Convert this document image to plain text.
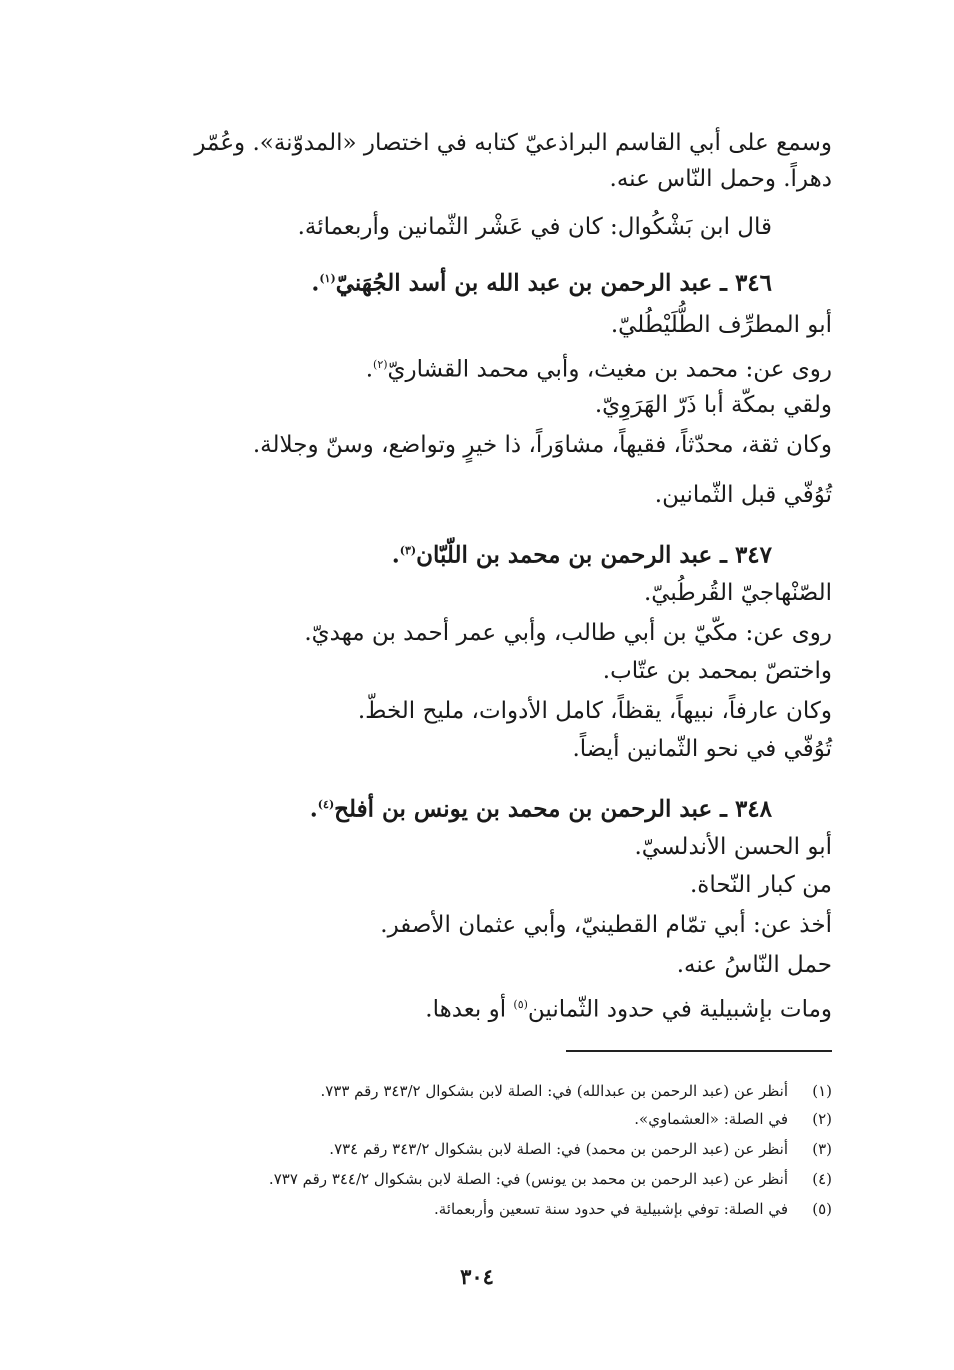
وسمع على أبي القاسم البراذعيّ كتابه في اختصار «المدوّنة». وعُمّر
دهراً. وحمل النّاس عنه.
قال ابن بَشْكُوال: كان في عَشْر الثّمانين وأربعمائة.
٣٤٦ ـ عبد الرحمن بن عبد الله بن أسد الجُهَنيّ$^{(١)}$.
أبو المطرِّف الطُّلَيْطُليّ.
روى عن: محمد بن مغيث، وأبي محمد القشاريّ$^{(٢)}$.
ولقي بمكّة أبا ذَرّ الهَرَوِيّ.
وكان ثقة، محدّثاً، فقيهاً، مشاوَراً، ذا خيرٍ وتواضع، وسنّ وجلالة.
تُوُفّي قبل الثّمانين.
٣٤٧ ـ عبد الرحمن بن محمد بن اللّبّان$^{(٣)}$.
الصّنْهاجيّ القُرطُبيّ.
روى عن: مكّيّ بن أبي طالب، وأبي عمر أحمد بن مهديّ.
واختصّ بمحمد بن عتّاب.
وكان عارفاً، نبيهاً، يقظاً، كامل الأدوات، مليح الخطّ.
تُوُفّي في نحو الثّمانين أيضاً.
٣٤٨ ـ عبد الرحمن بن محمد بن يونس بن أفلح$^{(٤)}$.
أبو الحسن الأندلسيّ.
من كبار النّحاة.
أخذ عن: أبي تمّام القطينيّ، وأبي عثمان الأصفر.
حمل النّاسُ عنه.
ومات بإشبيلية في حدود الثّمانين$^{(٥)}$ أو بعدها.
(١)أنظر عن (عبد الرحمن بن عبدالله) في: الصلة لابن بشكوال ٣٤٣/٢ رقم ٧٣٣.
(٢)في الصلة: «العشماوي».
(٣)أنظر عن (عبد الرحمن بن محمد) في: الصلة لابن بشكوال ٣٤٣/٢ رقم ٧٣٤.
(٤)أنظر عن (عبد الرحمن بن محمد بن يونس) في: الصلة لابن بشكوال ٣٤٤/٢ رقم ٧٣٧.
(٥)في الصلة: توفي بإشبيلية في حدود سنة تسعين وأربعمائة.
٣٠٤
